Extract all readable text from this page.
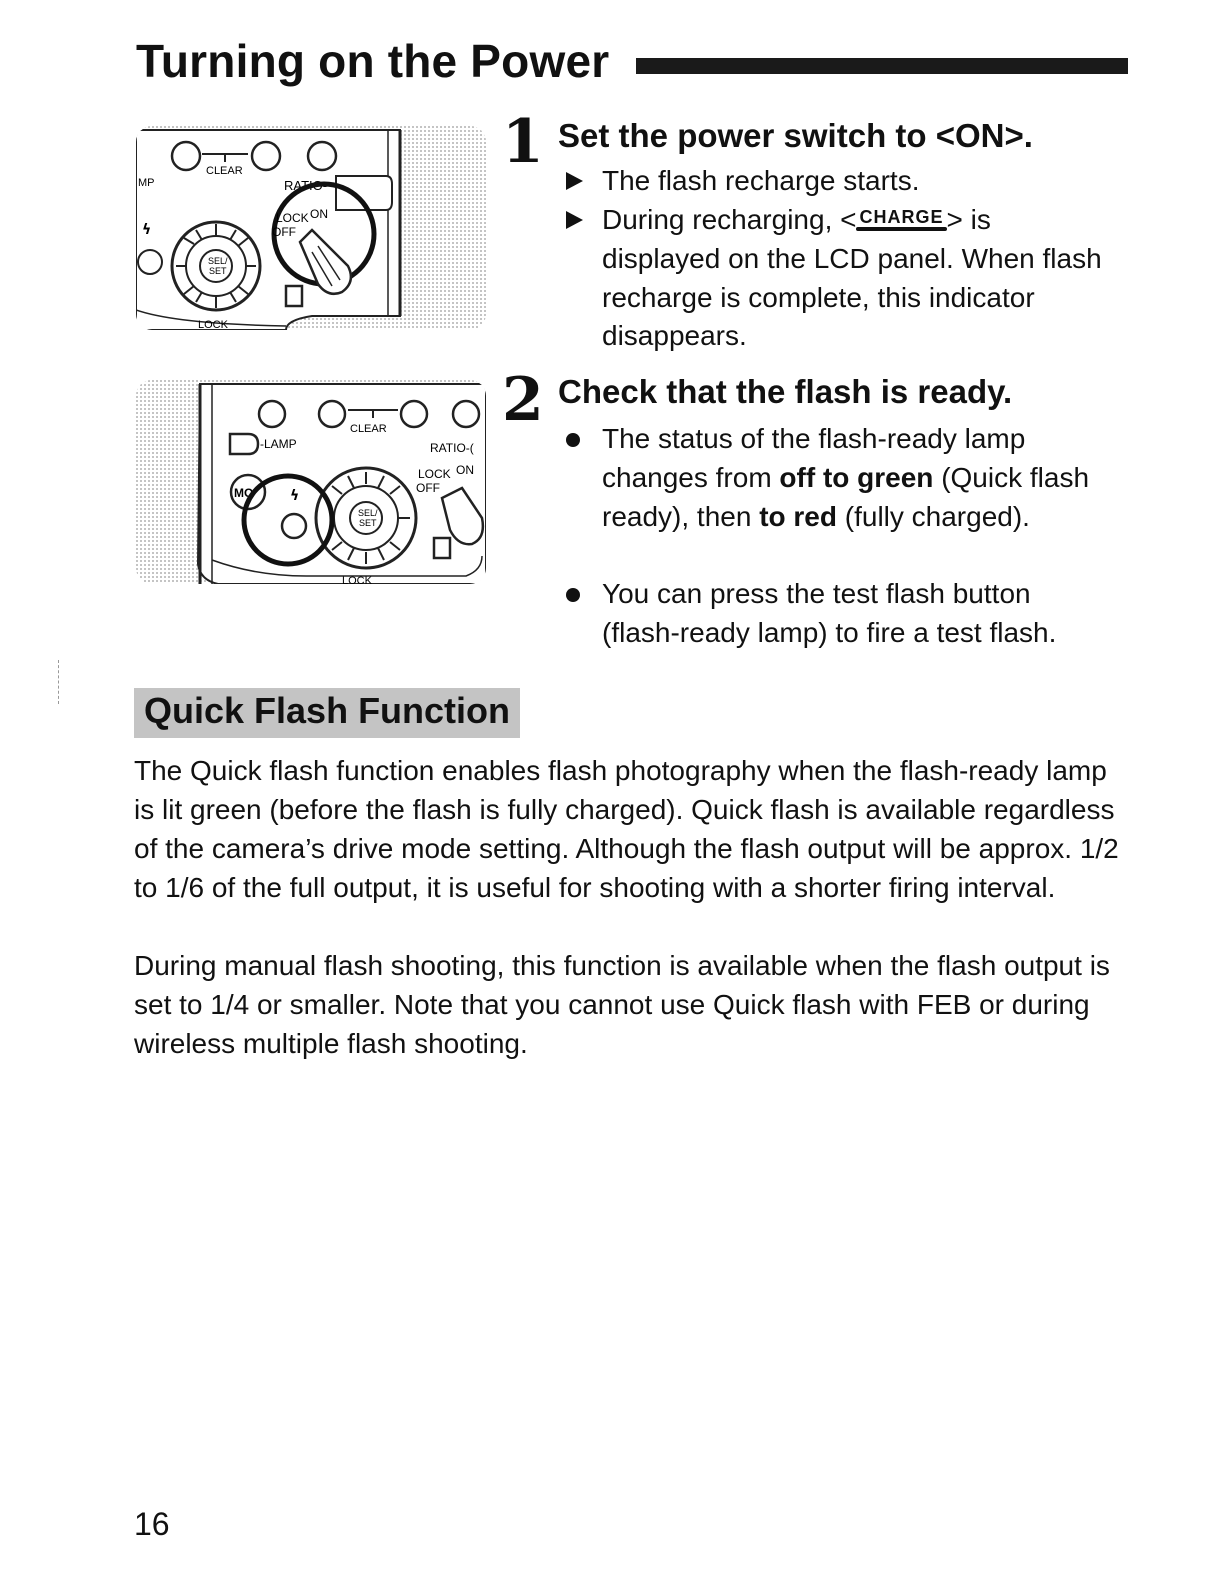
Turning on the Power
CLEAR
MP
ϟ
SEL/
SET
RATIO-
LOCK ON
OFF
LOCK
CLEAR
-LAMP	RATIO-(
LOCK ON
OFF
MO
SEL/
SET
ϟ
LOCK
1 Set the power switch to <ON>.
The flash recharge starts.
During recharging, < CHARGE > is displayed on the LCD panel. When flash recharge is complete, this indicator disappears.
2 Check that the flash is ready.
The status of the flash-ready lamp changes from off to green (Quick flash ready), then to red (fully charged).
You can press the test flash button (flash-ready lamp) to fire a test flash.
Quick Flash Function
The Quick flash function enables flash photography when the flash-ready lamp is lit green (before the flash is fully charged). Quick flash is available regardless of the camera’s drive mode setting. Although the flash output will be approx. 1/2 to 1/6 of the full output, it is useful for shooting with a shorter firing interval.
During manual flash shooting, this function is available when the flash output is set to 1/4 or smaller. Note that you cannot use Quick flash with FEB or during wireless multiple flash shooting.
16
